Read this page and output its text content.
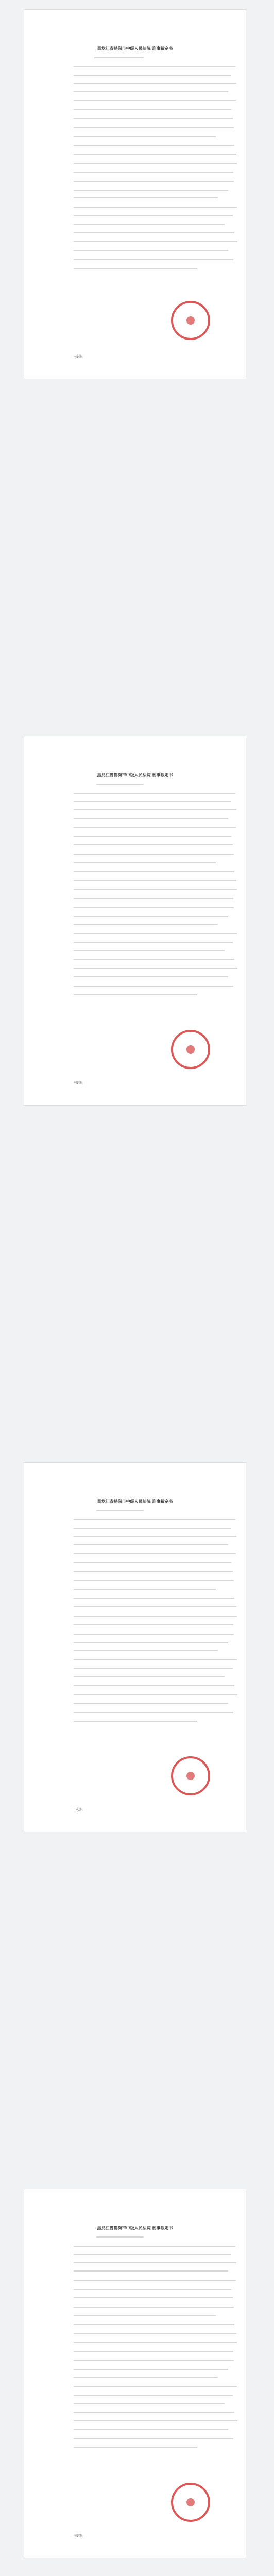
黑龙江省鹤岗市中级人民法院 刑事裁定书
书记员
黑龙江省鹤岗市中级人民法院 刑事裁定书
书记员
黑龙江省鹤岗市中级人民法院 刑事裁定书
书记员
黑龙江省鹤岗市中级人民法院 刑事裁定书
书记员
